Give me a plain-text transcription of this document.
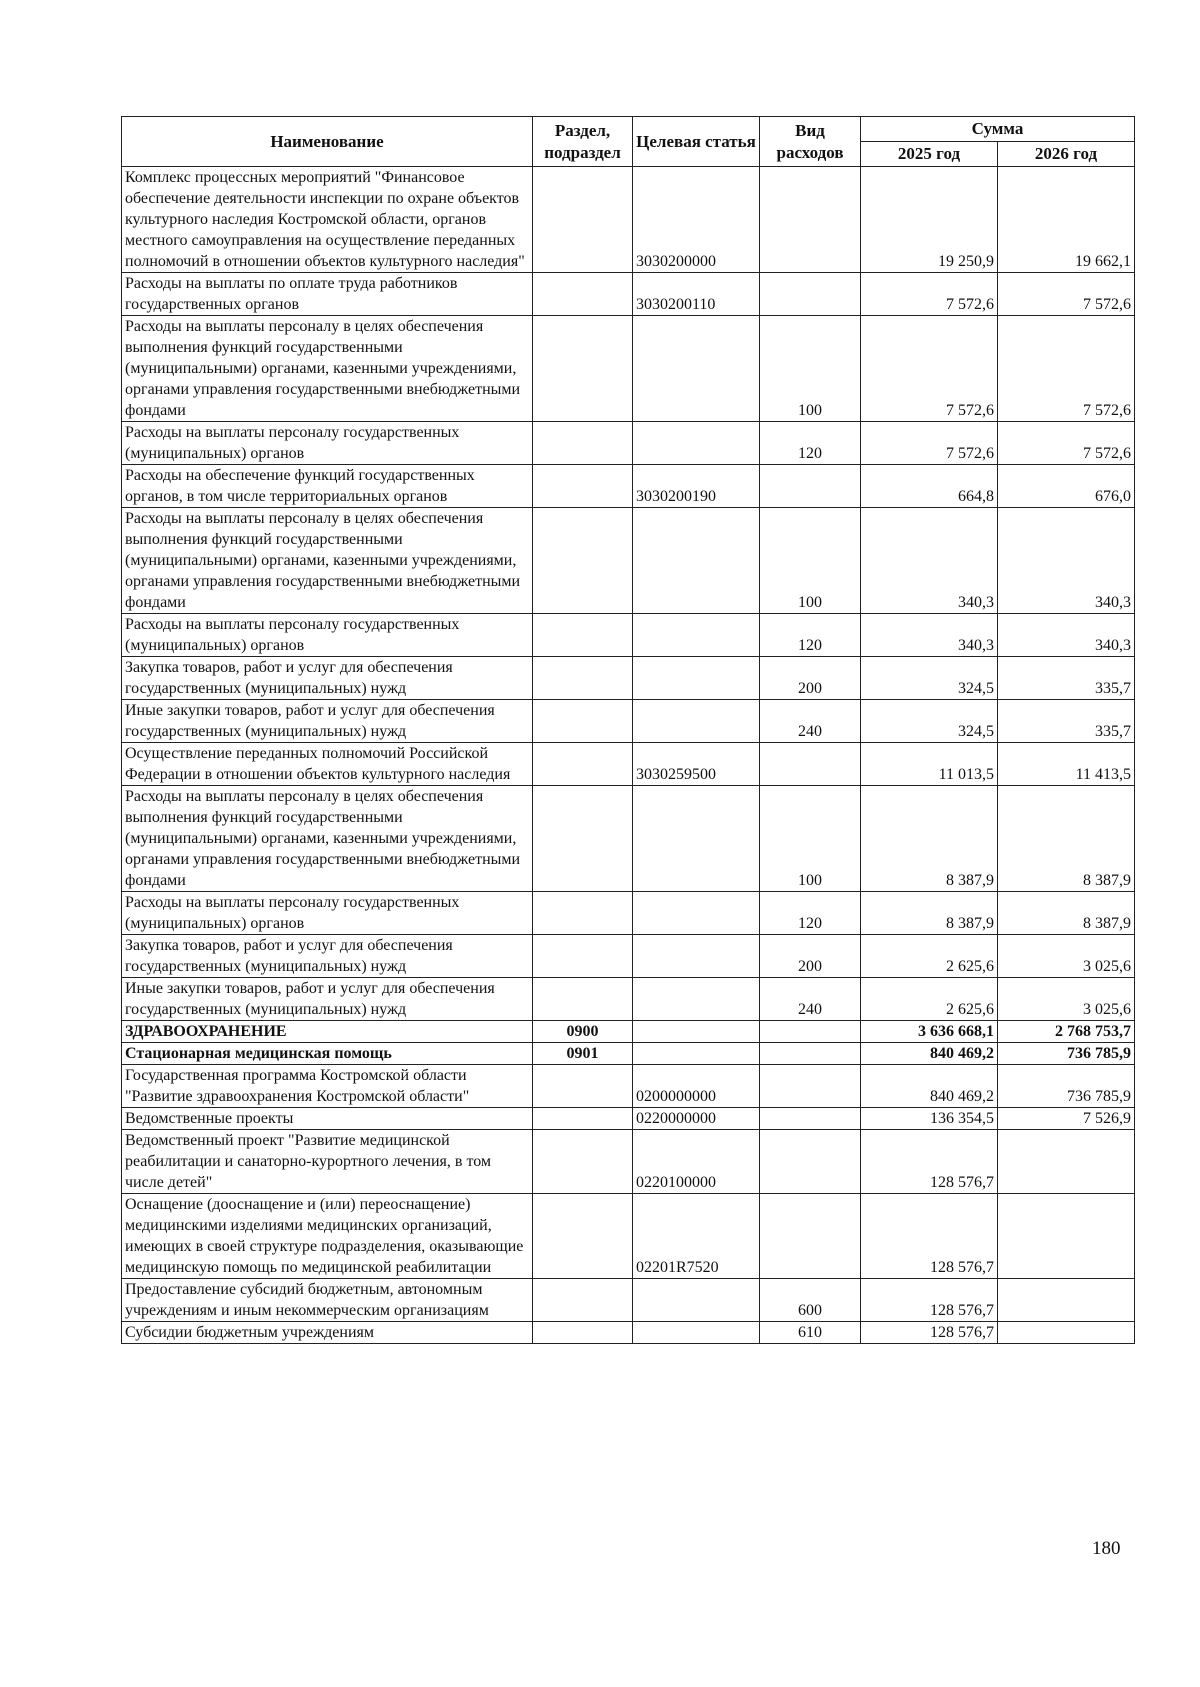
Наименование	Раздел, подраздел	Целевая статья	Вид расходов	Сумма	
				2025 год	2026 год
Комплекс процессных мероприятий "Финансовое обеспечение деятельности инспекции по охране объектов культурного наследия Костромской области, органов местного самоуправления на осуществление переданных полномочий в отношении объектов культурного наследия"		3030200000		19 250,9	19 662,1
Расходы на выплаты по оплате труда работников государственных органов		3030200110		7 572,6	7 572,6
Расходы на выплаты персоналу в целях обеспечения выполнения функций государственными (муниципальными) органами, казенными учреждениями, органами управления государственными внебюджетными фондами			100	7 572,6	7 572,6
Расходы на выплаты персоналу государственных (муниципальных) органов			120	7 572,6	7 572,6
Расходы на обеспечение функций государственных органов, в том числе территориальных органов		3030200190		664,8	676,0
Расходы на выплаты персоналу в целях обеспечения выполнения функций государственными (муниципальными) органами, казенными учреждениями, органами управления государственными внебюджетными фондами			100	340,3	340,3
Расходы на выплаты персоналу государственных (муниципальных) органов			120	340,3	340,3
Закупка товаров, работ и услуг для обеспечения государственных (муниципальных) нужд			200	324,5	335,7
Иные закупки товаров, работ и услуг для обеспечения государственных (муниципальных) нужд			240	324,5	335,7
Осуществление переданных полномочий Российской Федерации в отношении объектов культурного наследия		3030259500		11 013,5	11 413,5
Расходы на выплаты персоналу в целях обеспечения выполнения функций государственными (муниципальными) органами, казенными учреждениями, органами управления государственными внебюджетными фондами			100	8 387,9	8 387,9
Расходы на выплаты персоналу государственных (муниципальных) органов			120	8 387,9	8 387,9
Закупка товаров, работ и услуг для обеспечения государственных (муниципальных) нужд			200	2 625,6	3 025,6
Иные закупки товаров, работ и услуг для обеспечения государственных (муниципальных) нужд			240	2 625,6	3 025,6
ЗДРАВООХРАНЕНИЕ	0900			3 636 668,1	2 768 753,7
Стационарная медицинская помощь	0901			840 469,2	736 785,9
Государственная программа Костромской области "Развитие здравоохранения Костромской области"		0200000000		840 469,2	736 785,9
Ведомственные проекты		0220000000		136 354,5	7 526,9
Ведомственный проект "Развитие медицинской реабилитации и санаторно-курортного лечения, в том числе детей"		0220100000		128 576,7	
Оснащение (дооснащение и (или) переоснащение) медицинскими изделиями медицинских организаций, имеющих в своей структуре подразделения, оказывающие медицинскую помощь по медицинской реабилитации		02201R7520		128 576,7	
Предоставление субсидий бюджетным, автономным учреждениям и иным некоммерческим организациям			600	128 576,7	
Субсидии бюджетным учреждениям			610	128 576,7	
180
